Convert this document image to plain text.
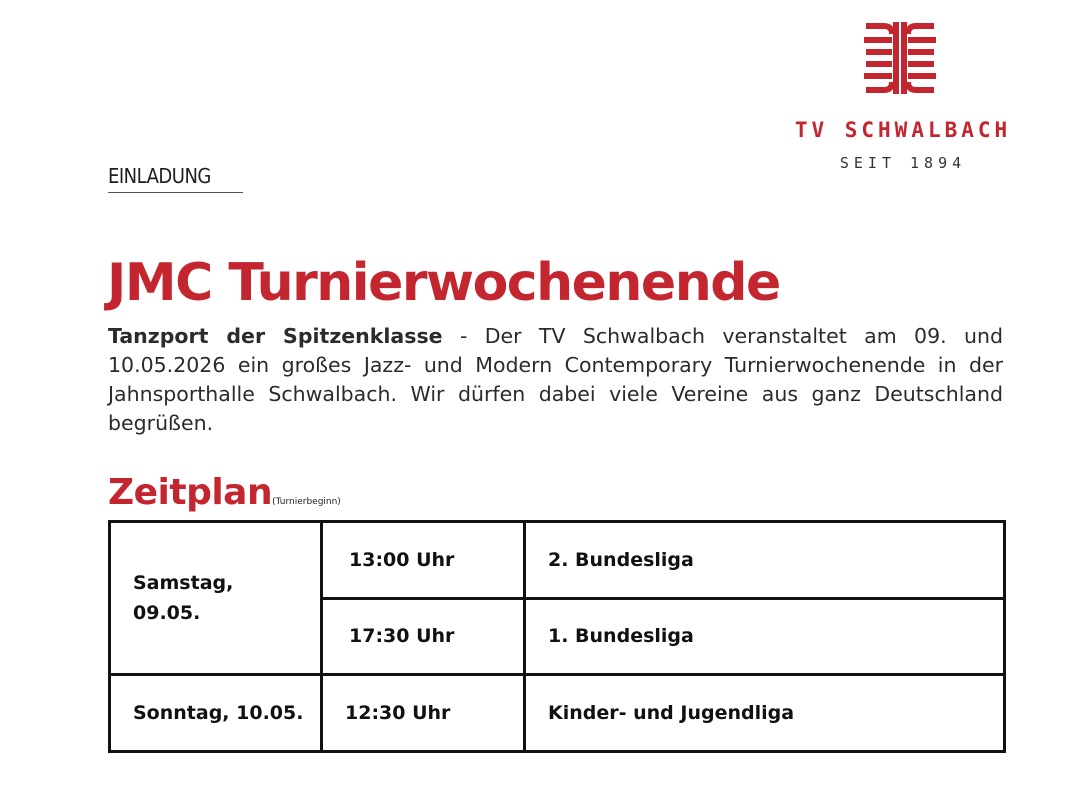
TV SCHWALBACH
SEIT 1894
EINLADUNG
JMC Turnierwochenende

Tanzport der Spitzenklasse - Der TV Schwalbach veranstaltet am 09. und 10.05.2026 ein großes Jazz- und Modern Contemporary Turnierwochenende in der Jahnsporthalle Schwalbach. Wir dürfen dabei viele Vereine aus ganz Deutschland begrüßen.

Zeitplan(Turnierbeginn)
Samstag,
09.05.	13:00 Uhr	2. Bundesliga
	17:30 Uhr	1. Bundesliga
Sonntag, 10.05.	12:30 Uhr	Kinder- und Jugendliga
